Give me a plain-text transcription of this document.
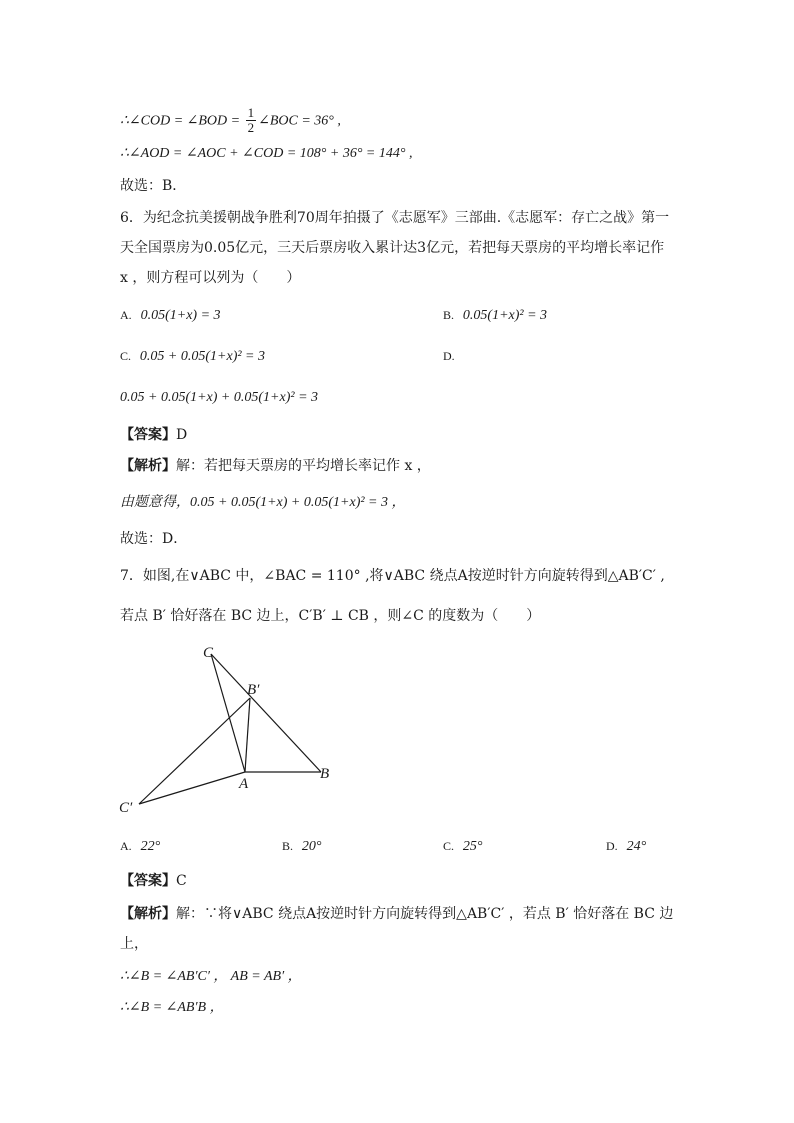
∴∠COD = ∠BOD = $\frac{1}{2}$ ∠BOC = 36° ,
∴∠AOD = ∠AOC + ∠COD = 108° + 36° = 144° ,
故选：B．
6．为纪念抗美援朝战争胜利70周年拍摄了《志愿军》三部曲.《志愿军：存亡之战》第一
天全国票房为0.05亿元，三天后票房收入累计达3亿元，若把每天票房的平均增长率记作
x ，则方程可以列为（　　）
A. 0.05(1+x) = 3	B. 0.05(1+x)² = 3
C. 0.05 + 0.05(1+x)² = 3	D.
0.05 + 0.05(1+x) + 0.05(1+x)² = 3
【答案】D
【解析】解：若把每天票房的平均增长率记作 x ，
由题意得，0.05 + 0.05(1+x) + 0.05(1+x)² = 3 ，
故选：D．
7．如图,在∨ABC 中，∠BAC = 110° ,将∨ABC 绕点A按逆时针方向旋转得到△AB′C′ ,
若点 B′ 恰好落在 BC 边上，C′B′ ⊥ CB ，则∠C 的度数为（　　）
C
B′
A
B
C′
A. 22°	B. 20°	C. 25°	D. 24°
【答案】C
【解析】解：∵将∨ABC 绕点A按逆时针方向旋转得到△AB′C′ ，若点 B′ 恰好落在 BC 边
上，
∴∠B = ∠AB′C′ ， AB = AB′ ，
∴∠B = ∠AB′B ，
